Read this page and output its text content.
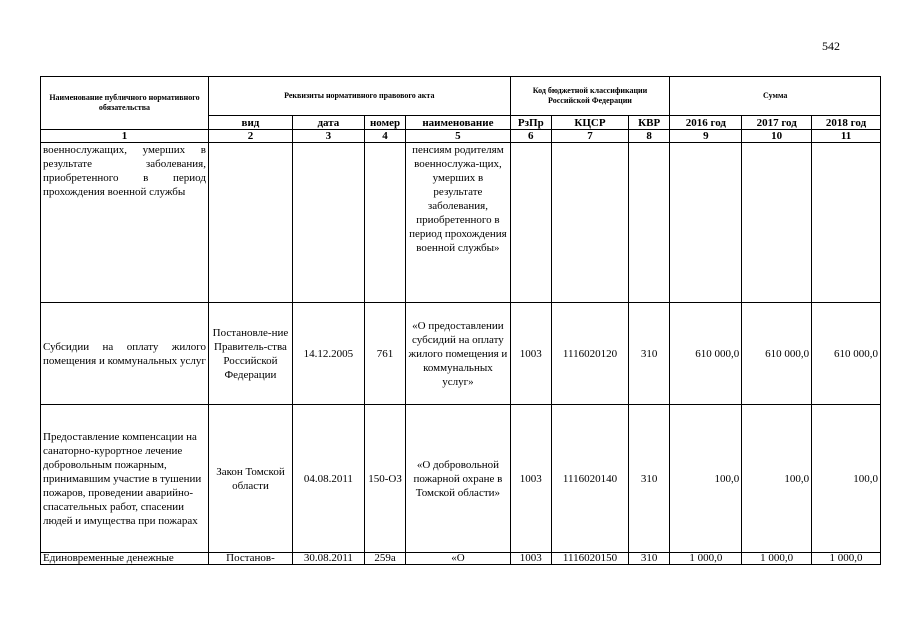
542
Наименование публичного нормативного обязательства	Реквизиты нормативного правового акта				Код бюджетной классификации Российской Федерации			Сумма		
	вид	дата	номер	наименование	РзПр	КЦСР	КВР	2016 год	2017 год	2018 год
1	2	3	4	5	6	7	8	9	10	11
военнослужащих, умерших в результате заболевания, приобретенного в период прохождения военной службы				пенсиям родителям военнослужа-щих, умерших в результате заболевания, приобретенного в период прохождения военной службы»						
Субсидии на оплату жилого помещения и коммунальных услуг	Постановле-ние Правитель-ства Российской Федерации	14.12.2005	761	«О предоставлении субсидий на оплату жилого помещения и коммунальных услуг»	1003	1116020120	310	610 000,0	610 000,0	610 000,0
Предоставление компенсации на санаторно-курортное лечение добровольным пожарным, принимавшим участие в тушении пожаров, проведении аварийно-спасательных работ, спасении людей и имущества при пожарах	Закон Томской области	04.08.2011	150-ОЗ	«О добровольной пожарной охране в Томской области»	1003	1116020140	310	100,0	100,0	100,0
Единовременные денежные	Постанов-	30.08.2011	259а	«О	1003	1116020150	310	1 000,0	1 000,0	1 000,0
